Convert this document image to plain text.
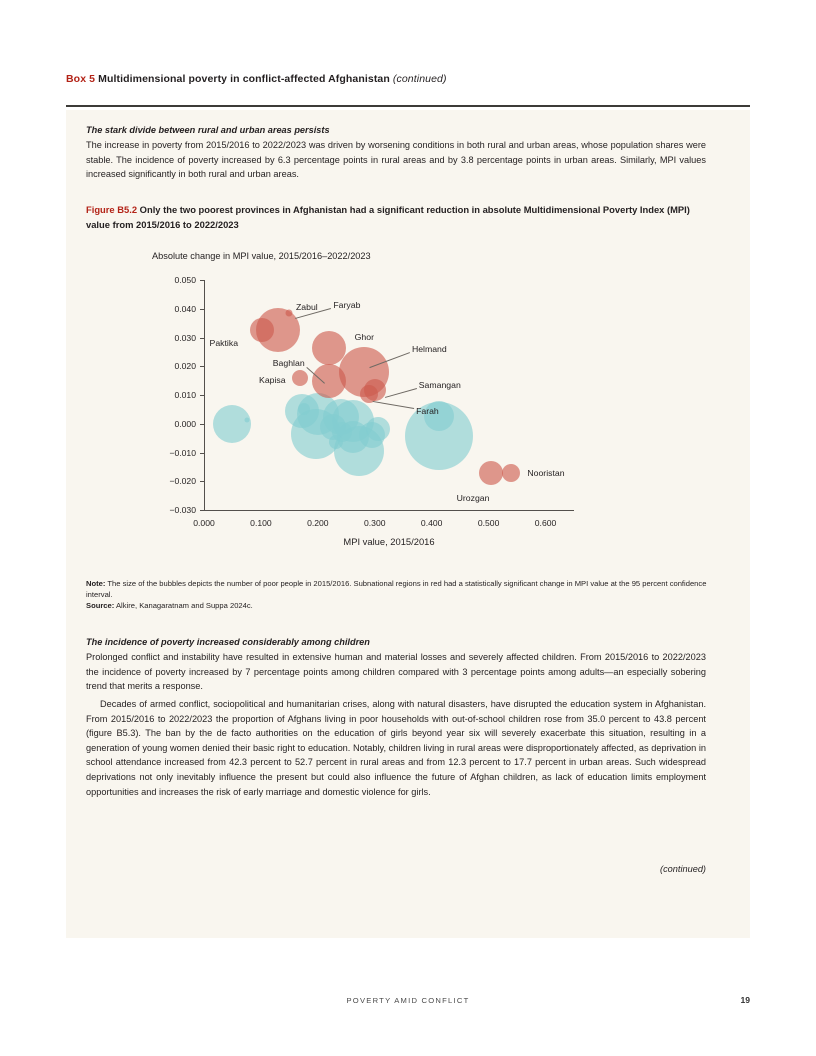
Box 5 Multidimensional poverty in conflict-affected Afghanistan (continued)
The stark divide between rural and urban areas persists
The increase in poverty from 2015/2016 to 2022/2023 was driven by worsening conditions in both rural and urban areas, whose population shares were stable. The incidence of poverty increased by 6.3 percentage points in rural areas and by 3.8 percentage points in urban areas. Similarly, MPI values increased significantly in both rural and urban areas.
Figure B5.2 Only the two poorest provinces in Afghanistan had a significant reduction in absolute Multidimensional Poverty Index (MPI) value from 2015/2016 to 2022/2023
Absolute change in MPI value, 2015/2016–2022/2023
Paktika
Zabul Faryab
Ghor
Baghlan
Kapisa
Helmand
Samangan
Farah
Urozgan
Nooristan
0.050
0.040
0.030
0.020
0.010
0.000
−0.010
−0.020
−0.030
0.000	0.100	0.200	0.300	0.400	0.500	0.600
MPI value, 2015/2016
Note: The size of the bubbles depicts the number of poor people in 2015/2016. Subnational regions in red had a statistically significant change in MPI value at the 95 percent confidence interval.
Source: Alkire, Kanagaratnam and Suppa 2024c.
The incidence of poverty increased considerably among children
Prolonged conflict and instability have resulted in extensive human and material losses and severely affected children. From 2015/2016 to 2022/2023 the incidence of poverty increased by 7 percentage points among children compared with 3 percentage points among adults—an especially sobering trend that merits a response.
Decades of armed conflict, sociopolitical and humanitarian crises, along with natural disasters, have disrupted the education system in Afghanistan. From 2015/2016 to 2022/2023 the proportion of Afghans living in poor households with out-of-school children rose from 35.0 percent to 43.8 percent (figure B5.3). The ban by the de facto authorities on the education of girls beyond year six will severely exacerbate this situation, resulting in a generation of young women denied their basic right to education. Notably, children living in rural areas were disproportionately affected, as deprivation in school attendance increased from 42.3 percent to 52.7 percent in rural areas and from 12.3 percent to 17.7 percent in urban areas. Such widespread deprivations not only inevitably influence the present but could also influence the future of Afghan children, as lack of education limits employment opportunities and increases the risk of early marriage and domestic violence for girls.
(continued)
POVERTY AMID CONFLICT	19
